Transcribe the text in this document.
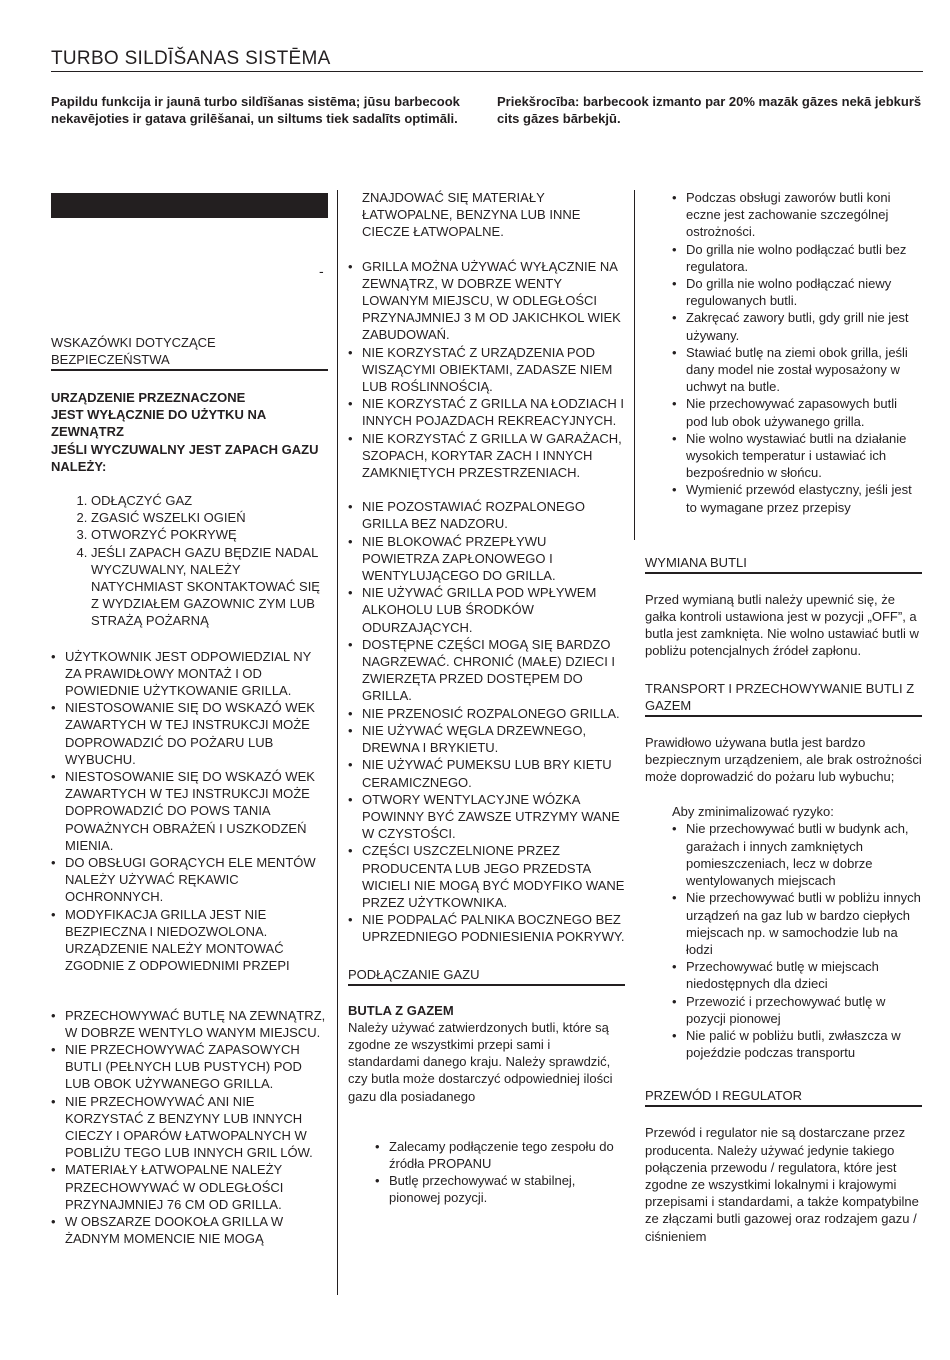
TURBO SILDĪŠANAS SISTĒMA
Papildu funkcija ir jaunā turbo sildīšanas sistēma; jūsu barbecook nekavējoties ir gatava grilēšanai, un siltums tiek sadalīts optimāli.
Priekšrocība: barbecook izmanto par 20% mazāk gāzes nekā jebkurš cits gāzes bārbekjū.
-
WSKAZÓWKI DOTYCZĄCE BEZPIECZEŃSTWA
URZĄDZENIE PRZEZNACZONE
JEST WYŁĄCZNIE DO UŻYTKU NA ZEWNĄTRZ
JEŚLI WYCZUWALNY JEST ZAPACH GAZU NALEŻY:
1. ODŁĄCZYĆ GAZ
2. ZGASIĆ WSZELKI OGIEŃ
3. OTWORZYĆ POKRYWĘ
4. JEŚLI ZAPACH GAZU BĘDZIE NADAL WYCZUWALNY, NALEŻY NATYCHMIAST SKONTAKTOWAĆ SIĘ Z WYDZIAŁEM GAZOWNIC ZYM LUB STRAŻĄ POŻARNĄ
• UŻYTKOWNIK JEST ODPOWIEDZIAL NY ZA PRAWIDŁOWY MONTAŻ I OD POWIEDNIE UŻYTKOWANIE GRILLA.
• NIESTOSOWANIE SIĘ DO WSKAZÓ WEK ZAWARTYCH W TEJ INSTRUKCJI MOŻE DOPROWADZIĆ DO POŻARU LUB WYBUCHU.
• NIESTOSOWANIE SIĘ DO WSKAZÓ WEK ZAWARTYCH W TEJ INSTRUKCJI MOŻE DOPROWADZIĆ DO POWS TANIA POWAŻNYCH OBRAŻEŃ I USZKODZEŃ MIENIA.
• DO OBSŁUGI GORĄCYCH ELE MENTÓW NALEŻY UŻYWAĆ RĘKAWIC OCHRONNYCH.
• MODYFIKACJA GRILLA JEST NIE BEZPIECZNA I NIEDOZWOLONA. URZĄDZENIE NALEŻY MONTOWAĆ ZGODNIE Z ODPOWIEDNIMI PRZEPI
• PRZECHOWYWAĆ BUTLĘ NA ZEWNĄTRZ, W DOBRZE WENTYLO WANYM MIEJSCU.
• NIE PRZECHOWYWAĆ ZAPASOWYCH BUTLI (PEŁNYCH LUB PUSTYCH) POD LUB OBOK UŻYWANEGO GRILLA.
• NIE PRZECHOWYWAĆ ANI NIE KORZYSTAĆ Z BENZYNY LUB INNYCH CIECZY I OPARÓW ŁATWOPALNYCH W POBLIŻU TEGO LUB INNYCH GRIL LÓW.
• MATERIAŁY ŁATWOPALNE NALEŻY PRZECHOWYWAĆ W ODLEGŁOŚCI PRZYNAJMNIEJ 76 CM OD GRILLA.
• W OBSZARZE DOOKOŁA GRILLA W ŻADNYM MOMENCIE NIE MOGĄ

ZNAJDOWAĆ SIĘ MATERIAŁY ŁATWOPALNE, BENZYNA LUB INNE CIECZE ŁATWOPALNE.

• GRILLA MOŻNA UŻYWAĆ WYŁĄCZNIE NA ZEWNĄTRZ, W DOBRZE WENTY LOWANYM MIEJSCU, W ODLEGŁOŚCI PRZYNAJMNIEJ 3 M OD JAKICHKOL WIEK ZABUDOWAŃ.
• NIE KORZYSTAĆ Z URZĄDZENIA POD WISZĄCYMI OBIEKTAMI, ZADASZE NIEM LUB ROŚLINNOŚCIĄ.
• NIE KORZYSTAĆ Z GRILLA NA ŁODZIACH I INNYCH POJAZDACH REKREACYJNYCH.
• NIE KORZYSTAĆ Z GRILLA W GARAŻACH, SZOPACH, KORYTAR ZACH I INNYCH ZAMKNIĘTYCH PRZESTRZENIACH.
• NIE POZOSTAWIAĆ ROZPALONEGO GRILLA BEZ NADZORU.
• NIE BLOKOWAĆ PRZEPŁYWU POWIETRZA ZAPŁONOWEGO I WENTYLUJĄCEGO DO GRILLA.
• NIE UŻYWAĆ GRILLA POD WPŁYWEM ALKOHOLU LUB ŚRODKÓW ODURZAJĄCYCH.
• DOSTĘPNE CZĘŚCI MOGĄ SIĘ BARDZO NAGRZEWAĆ. CHRONIĆ (MAŁE) DZIECI I ZWIERZĘTA PRZED DOSTĘPEM DO GRILLA.
• NIE PRZENOSIĆ ROZPALONEGO GRILLA.
• NIE UŻYWAĆ WĘGLA DRZEWNEGO, DREWNA I BRYKIETU.
• NIE UŻYWAĆ PUMEKSU LUB BRY KIETU CERAMICZNEGO.
• OTWORY WENTYLACYJNE WÓZKA POWINNY BYĆ ZAWSZE UTRZYMY WANE W CZYSTOŚCI.
• CZĘŚCI USZCZELNIONE PRZEZ PRODUCENTA LUB JEGO PRZEDSTA WICIELI NIE MOGĄ BYĆ MODYFIKO WANE PRZEZ UŻYTKOWNIKA.
• NIE PODPALAĆ PALNIKA BOCZNEGO BEZ UPRZEDNIEGO PODNIESIENIA POKRYWY.
PODŁĄCZANIE GAZU
BUTLA Z GAZEM

Należy używać zatwierdzonych butli, które są zgodne ze wszystkimi przepi sami i standardami danego kraju. Należy sprawdzić, czy butla może dostarczyć odpowiedniej ilości gazu dla posiadanego

• Zalecamy podłączenie tego zespołu do źródła PROPANU
• Butlę przechowywać w stabilnej, pionowej pozycji.
• Podczas obsługi zaworów butli koni eczne jest zachowanie szczególnej ostrożności.
• Do grilla nie wolno podłączać butli bez regulatora.
• Do grilla nie wolno podłączać niewy regulowanych butli.
• Zakręcać zawory butli, gdy grill nie jest używany.
• Stawiać butlę na ziemi obok grilla, jeśli dany model nie został wyposażony w uchwyt na butle.
• Nie przechowywać zapasowych butli pod lub obok używanego grilla.
• Nie wolno wystawiać butli na działanie wysokich temperatur i ustawiać ich bezpośrednio w słońcu.
• Wymienić przewód elastyczny, jeśli jest to wymagane przez przepisy
WYMIANA BUTLI

Przed wymianą butli należy upewnić się, że gałka kontroli ustawiona jest w pozycji „OFF”, a butla jest zamknięta. Nie wolno ustawiać butli w pobliżu potencjalnych źródeł zapłonu.

TRANSPORT I PRZECHOWYWANIE BUTLI Z GAZEM

Prawidłowo używana butla jest bardzo bezpiecznym urządzeniem, ale brak ostrożności może doprowadzić do pożaru lub wybuchu;

Aby zminimalizować ryzyko:

• Nie przechowywać butli w budynk ach, garażach i innych zamkniętych pomieszczeniach, lecz w dobrze wentylowanych miejscach
• Nie przechowywać butli w pobliżu innych urządzeń na gaz lub w bardzo ciepłych miejscach np. w samochodzie lub na łodzi
• Przechowywać butlę w miejscach niedostępnych dla dzieci
• Przewozić i przechowywać butlę w pozycji pionowej
• Nie palić w pobliżu butli, zwłaszcza w pojeździe podczas transportu
PRZEWÓD I REGULATOR

Przewód i regulator nie są dostarczane przez producenta. Należy używać jedynie takiego połączenia przewodu / regulatora, które jest zgodne ze wszystkimi lokalnymi i krajowymi przepisami i standardami, a także kompatybilne ze złączami butli gazowej oraz rodzajem gazu / ciśnieniem
